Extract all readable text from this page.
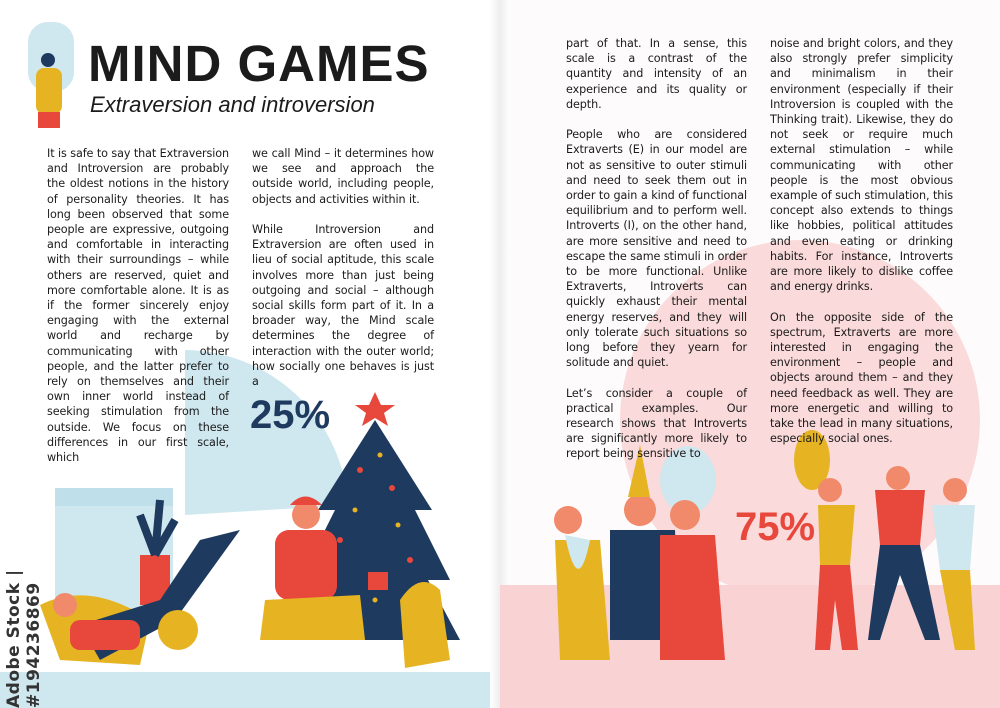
MIND GAMES
Extraversion and introversion

It is safe to say that Extraversion and Introversion are probably the oldest notions in the history of personality theories. It has long been observed that some people are expressive, outgoing and comfortable in interacting with their surroundings – while others are reserved, quiet and more comfortable alone. It is as if the former sincerely enjoy engaging with the external world and recharge by communicating with other people, and the latter prefer to rely on themselves and their own inner world instead of seeking stimulation from the outside. We focus on these differences in our first scale, which

we call Mind – it determines how we see and approach the outside world, including people, objects and activities within it.

While Introversion and Extraversion are often used in lieu of social aptitude, this scale involves more than just being outgoing and social – although social skills form part of it. In a broader way, the Mind scale determines the degree of interaction with the outer world; how socially one behaves is just a

25%
Adobe Stock | #194236869

part of that. In a sense, this scale is a contrast of the quantity and intensity of an experience and its quality or depth.

People who are considered Extraverts (E) in our model are not as sensitive to outer stimuli and need to seek them out in order to gain a kind of functional equilibrium and to perform well. Introverts (I), on the other hand, are more sensitive and need to escape the same stimuli in order to be more functional. Unlike Extraverts, Introverts can quickly exhaust their mental energy reserves, and they will only tolerate such situations so long before they yearn for solitude and quiet.

Let’s consider a couple of practical examples. Our research shows that Introverts are significantly more likely to report being sensitive to

noise and bright colors, and they also strongly prefer simplicity and minimalism in their environment (especially if their Introversion is coupled with the Thinking trait). Likewise, they do not seek or require much external stimulation – while communicating with other people is the most obvious example of such stimulation, this concept also extends to things like hobbies, political attitudes and even eating or drinking habits. For instance, Introverts are more likely to dislike coffee and energy drinks.

On the opposite side of the spectrum, Extraverts are more interested in engaging the environment – people and objects around them – and they need feedback as well. They are more energetic and willing to take the lead in many situations, especially social ones.

75%
